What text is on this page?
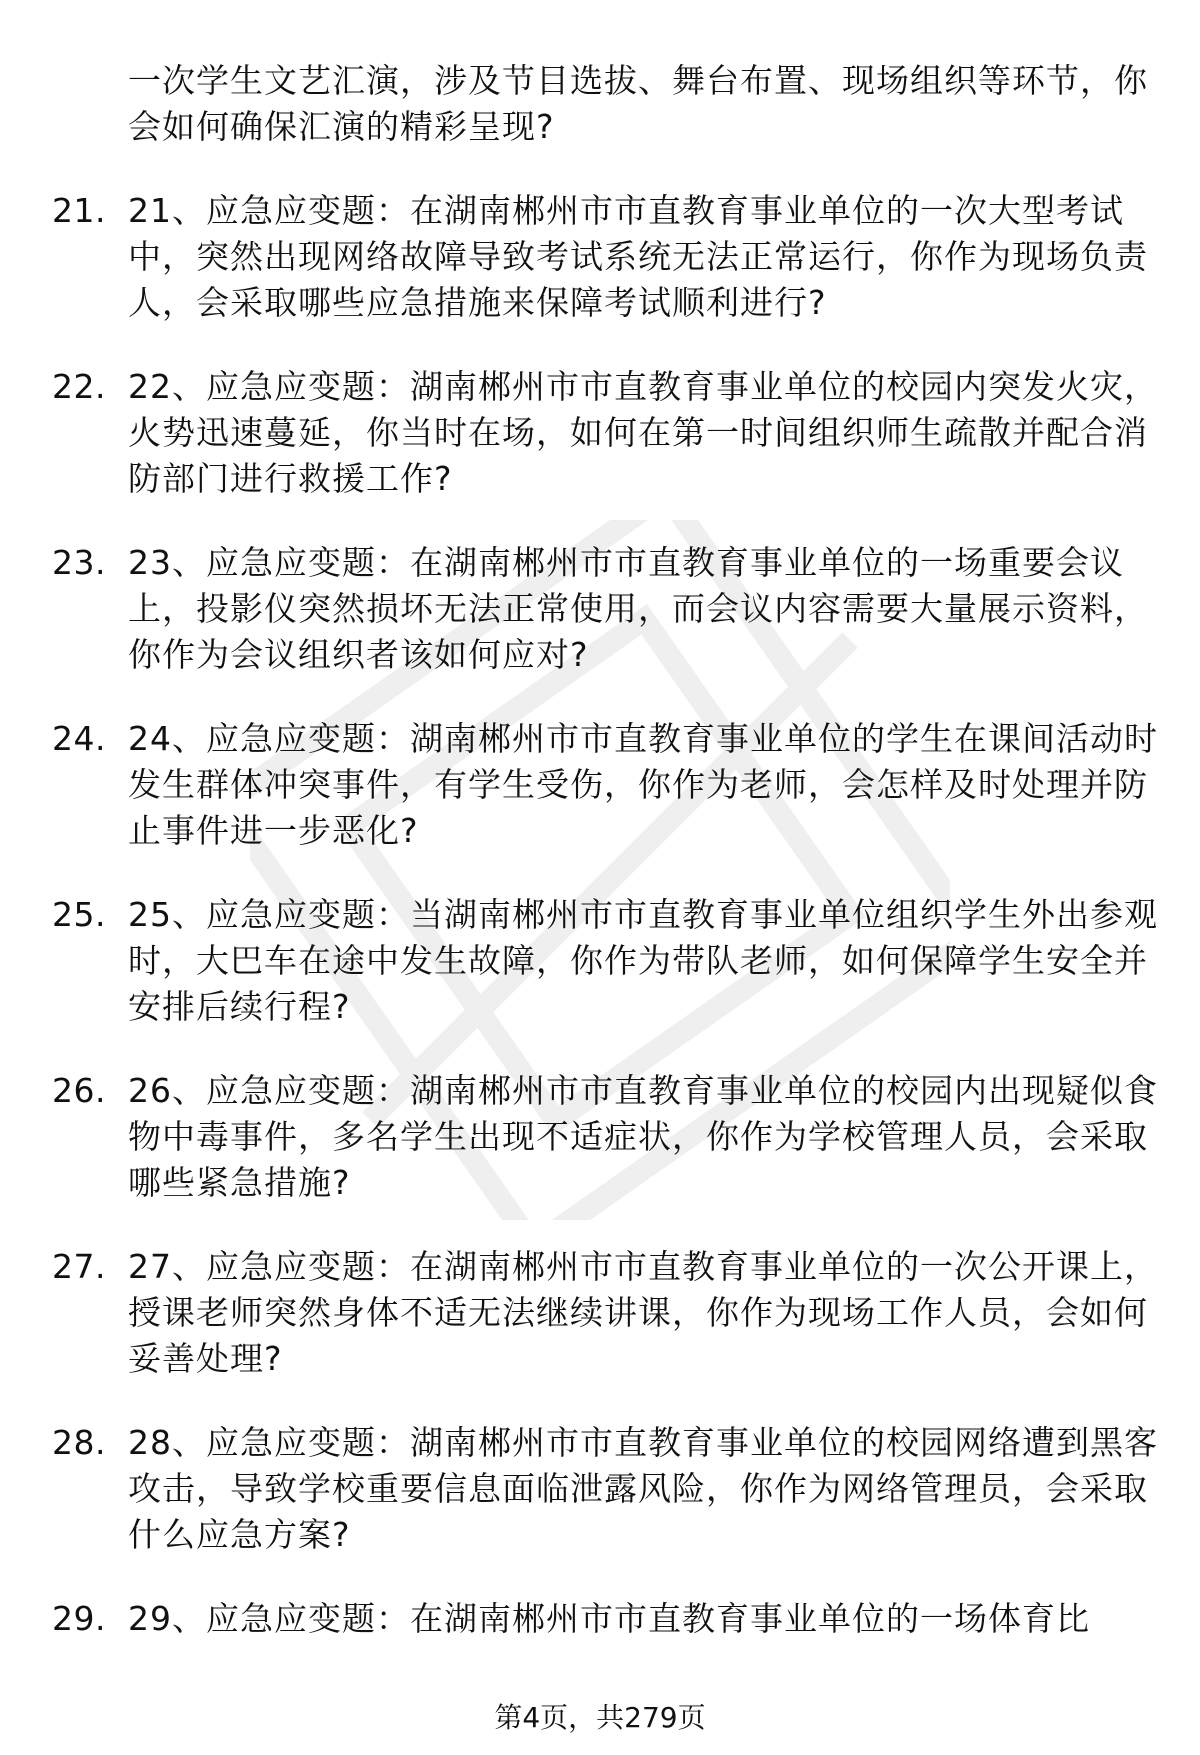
一次学生文艺汇演，涉及节目选拔、舞台布置、现场组织等环节，你会如何确保汇演的精彩呈现?
21. 21、应急应变题：在湖南郴州市市直教育事业单位的一次大型考试中，突然出现网络故障导致考试系统无法正常运行，你作为现场负责人，会采取哪些应急措施来保障考试顺利进行?
22. 22、应急应变题：湖南郴州市市直教育事业单位的校园内突发火灾，火势迅速蔓延，你当时在场，如何在第一时间组织师生疏散并配合消防部门进行救援工作?
23. 23、应急应变题：在湖南郴州市市直教育事业单位的一场重要会议上，投影仪突然损坏无法正常使用，而会议内容需要大量展示资料，你作为会议组织者该如何应对?
24. 24、应急应变题：湖南郴州市市直教育事业单位的学生在课间活动时发生群体冲突事件，有学生受伤，你作为老师，会怎样及时处理并防止事件进一步恶化?
25. 25、应急应变题：当湖南郴州市市直教育事业单位组织学生外出参观时，大巴车在途中发生故障，你作为带队老师，如何保障学生安全并安排后续行程?
26. 26、应急应变题：湖南郴州市市直教育事业单位的校园内出现疑似食物中毒事件，多名学生出现不适症状，你作为学校管理人员，会采取哪些紧急措施?
27. 27、应急应变题：在湖南郴州市市直教育事业单位的一次公开课上，授课老师突然身体不适无法继续讲课，你作为现场工作人员，会如何妥善处理?
28. 28、应急应变题：湖南郴州市市直教育事业单位的校园网络遭到黑客攻击，导致学校重要信息面临泄露风险，你作为网络管理员，会采取什么应急方案?
29. 29、应急应变题：在湖南郴州市市直教育事业单位的一场体育比
第4页，共279页
